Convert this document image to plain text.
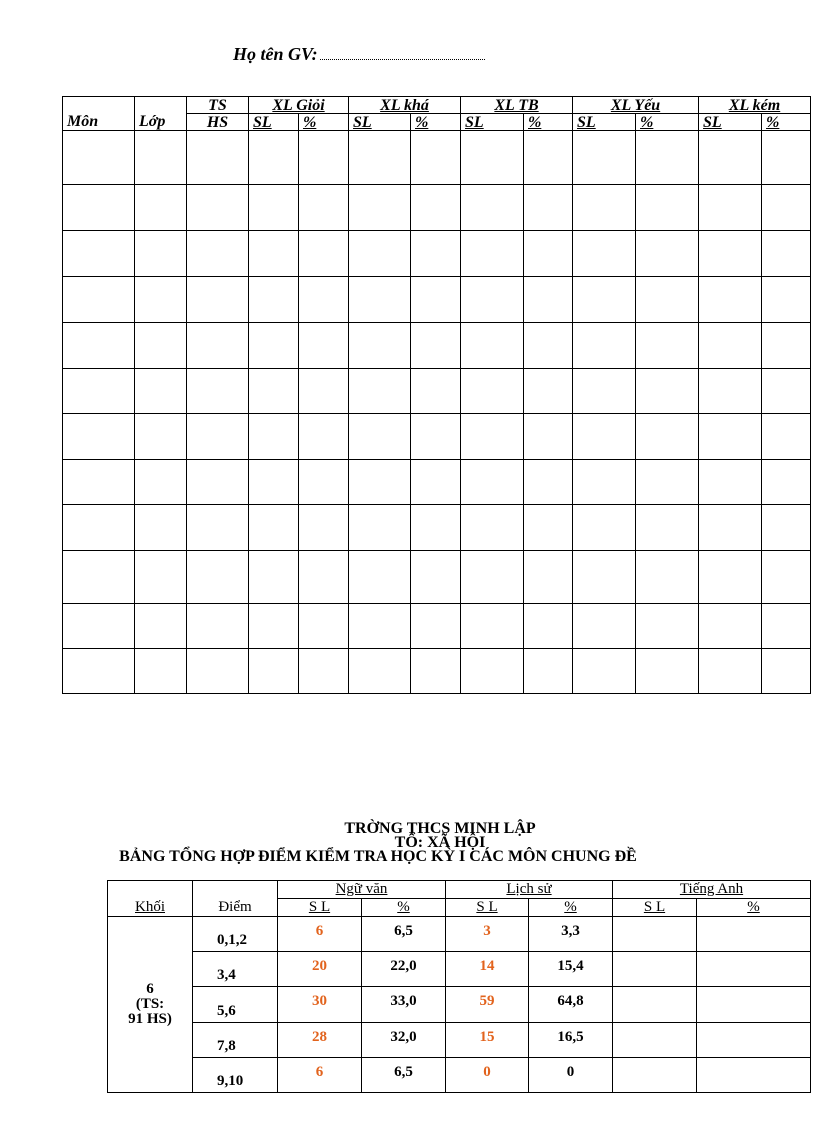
Họ tên GV:
Môn	Lớp	TS	XL Giỏi		XL khá		XL TB		XL Yếu		XL kém	
		HS	SL	%	SL	%	SL	%	SL	%	SL	%

TRỜNG THCS MINH LẬP
TỔ: XÃ HỘI
BẢNG TỔNG HỢP ĐIỂM KIỂM TRA HỌC KỲ I CÁC MÔN CHUNG ĐỀ
Khối	Điểm	Ngữ văn		Lịch sử		Tiếng Anh	
		S L	%	S L	%	S L	%

6
(TS:
91 HS)	0,1,2	6	6,5	3	3,3		
	3,4	20	22,0	14	15,4		
	5,6	30	33,0	59	64,8		
	7,8	28	32,0	15	16,5		
	9,10	6	6,5	0	0		
